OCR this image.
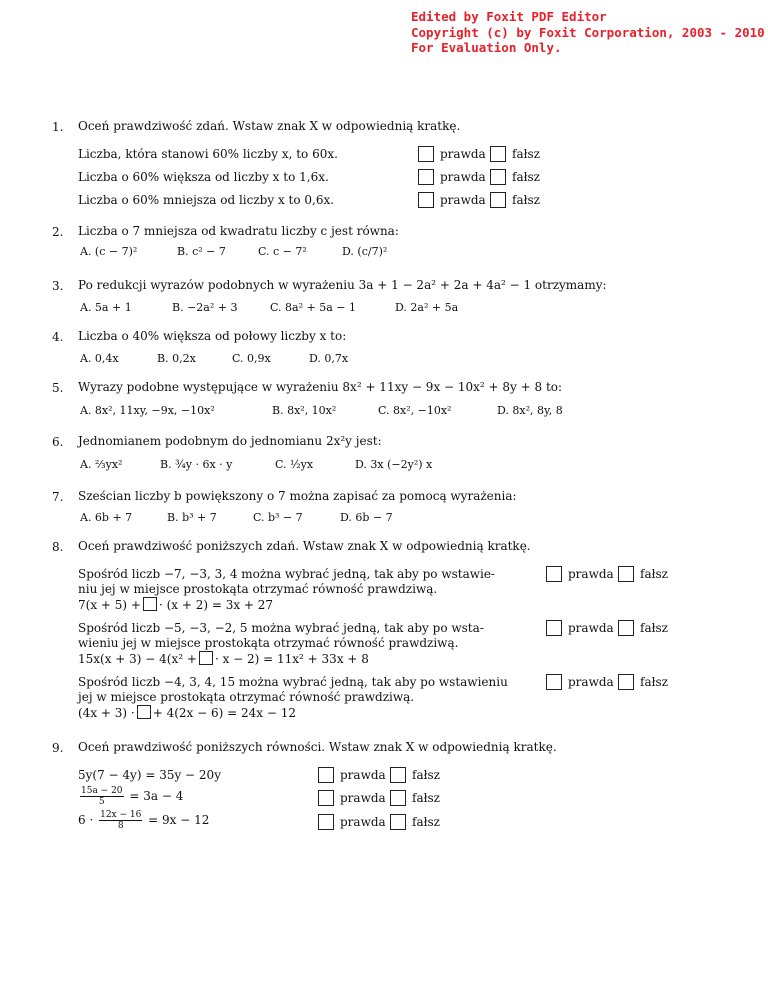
Edited by Foxit PDF Editor
Copyright (c) by Foxit Corporation, 2003 - 2010
For Evaluation Only.
1. Oceń prawdziwość zdań. Wstaw znak X w odpowiednią kratkę.
Liczba, która stanowi 60% liczby x, to 60x.	prawda fałsz
Liczba o 60% większa od liczby x to 1,6x.	prawda fałsz
Liczba o 60% mniejsza od liczby x to 0,6x.	prawda fałsz
2. Liczba o 7 mniejsza od kwadratu liczby c jest równa:
A. (c − 7)²	B. c² − 7	C. c − 7²	D. (c/7)²
3. Po redukcji wyrazów podobnych w wyrażeniu 3a + 1 − 2a² + 2a + 4a² − 1 otrzymamy:
A. 5a + 1	B. −2a² + 3	C. 8a² + 5a − 1	D. 2a² + 5a
4. Liczba o 40% większa od połowy liczby x to:
A. 0,4x	B. 0,2x	C. 0,9x	D. 0,7x
5. Wyrazy podobne występujące w wyrażeniu 8x² + 11xy − 9x − 10x² + 8y + 8 to:
A. 8x², 11xy, −9x, −10x²	B. 8x², 10x²	C. 8x², −10x²	D. 8x², 8y, 8
6. Jednomianem podobnym do jednomianu 2x²y jest:
A. ⅔yx²	B. ¾y · 6x · y	C. ½yx	D. 3x (−2y²) x
7. Sześcian liczby b powiększony o 7 można zapisać za pomocą wyrażenia:
A. 6b + 7	B. b³ + 7	C. b³ − 7	D. 6b − 7
8. Oceń prawdziwość poniższych zdań. Wstaw znak X w odpowiednią kratkę.
Spośród liczb −7, −3, 3, 4 można wybrać jedną, tak aby po wstawie-
niu jej w miejsce prostokąta otrzymać równość prawdziwą.
7(x + 5) + · (x + 2) = 3x + 27
prawda fałsz
Spośród liczb −5, −3, −2, 5 można wybrać jedną, tak aby po wsta-
wieniu jej w miejsce prostokąta otrzymać równość prawdziwą.
15x(x + 3) − 4(x² + · x − 2) = 11x² + 33x + 8
prawda fałsz
Spośród liczb −4, 3, 4, 15 można wybrać jedną, tak aby po wstawieniu
jej w miejsce prostokąta otrzymać równość prawdziwą.
(4x + 3) · + 4(2x − 6) = 24x − 12
prawda fałsz
9. Oceń prawdziwość poniższych równości. Wstaw znak X w odpowiednią kratkę.
5y(7 − 4y) = 35y − 20y	prawda fałsz
$\frac{15a - 20}{5} = 3a - 4$	prawda fałsz
$6 \cdot \frac{12x - 16}{8} = 9x - 12$	prawda fałsz
